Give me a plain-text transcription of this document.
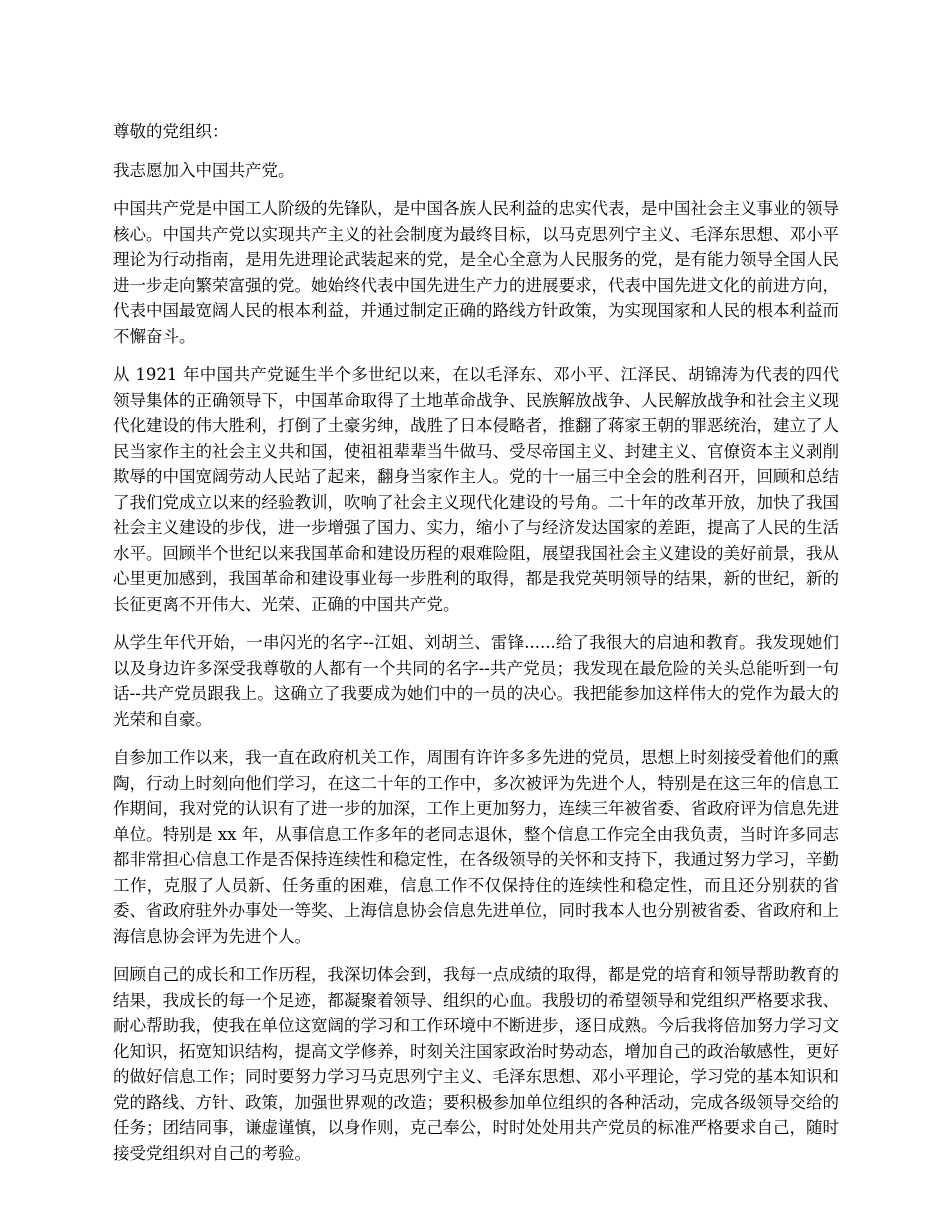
尊敬的党组织：

我志愿加入中国共产党。

中国共产党是中国工人阶级的先锋队，是中国各族人民利益的忠实代表，是中国社会主义事业的领导核心。中国共产党以实现共产主义的社会制度为最终目标，以马克思列宁主义、毛泽东思想、邓小平理论为行动指南，是用先进理论武装起来的党，是全心全意为人民服务的党，是有能力领导全国人民进一步走向繁荣富强的党。她始终代表中国先进生产力的进展要求，代表中国先进文化的前进方向，代表中国最宽阔人民的根本利益，并通过制定正确的路线方针政策，为实现国家和人民的根本利益而不懈奋斗。

从 1921 年中国共产党诞生半个多世纪以来，在以毛泽东、邓小平、江泽民、胡锦涛为代表的四代领导集体的正确领导下，中国革命取得了土地革命战争、民族解放战争、人民解放战争和社会主义现代化建设的伟大胜利，打倒了土豪劣绅，战胜了日本侵略者，推翻了蒋家王朝的罪恶统治，建立了人民当家作主的社会主义共和国，使祖祖辈辈当牛做马、受尽帝国主义、封建主义、官僚资本主义剥削欺辱的中国宽阔劳动人民站了起来，翻身当家作主人。党的十一届三中全会的胜利召开，回顾和总结了我们党成立以来的经验教训，吹响了社会主义现代化建设的号角。二十年的改革开放，加快了我国社会主义建设的步伐，进一步增强了国力、实力，缩小了与经济发达国家的差距，提高了人民的生活水平。回顾半个世纪以来我国革命和建设历程的艰难险阻，展望我国社会主义建设的美好前景，我从心里更加感到，我国革命和建设事业每一步胜利的取得，都是我党英明领导的结果，新的世纪，新的长征更离不开伟大、光荣、正确的中国共产党。

从学生年代开始，一串闪光的名字--江姐、刘胡兰、雷锋......给了我很大的启迪和教育。我发现她们以及身边许多深受我尊敬的人都有一个共同的名字--共产党员；我发现在最危险的关头总能听到一句话--共产党员跟我上。这确立了我要成为她们中的一员的决心。我把能参加这样伟大的党作为最大的光荣和自豪。

自参加工作以来，我一直在政府机关工作，周围有许许多多先进的党员，思想上时刻接受着他们的熏陶，行动上时刻向他们学习，在这二十年的工作中，多次被评为先进个人，特别是在这三年的信息工作期间，我对党的认识有了进一步的加深，工作上更加努力，连续三年被省委、省政府评为信息先进单位。特别是 xx 年，从事信息工作多年的老同志退休，整个信息工作完全由我负责，当时许多同志都非常担心信息工作是否保持连续性和稳定性，在各级领导的关怀和支持下，我通过努力学习，辛勤工作，克服了人员新、任务重的困难，信息工作不仅保持住的连续性和稳定性，而且还分别获的省委、省政府驻外办事处一等奖、上海信息协会信息先进单位，同时我本人也分别被省委、省政府和上海信息协会评为先进个人。

回顾自己的成长和工作历程，我深切体会到，我每一点成绩的取得，都是党的培育和领导帮助教育的结果，我成长的每一个足迹，都凝聚着领导、组织的心血。我殷切的希望领导和党组织严格要求我、耐心帮助我，使我在单位这宽阔的学习和工作环境中不断进步，逐日成熟。今后我将倍加努力学习文化知识，拓宽知识结构，提高文学修养，时刻关注国家政治时势动态，增加自己的政治敏感性，更好的做好信息工作；同时要努力学习马克思列宁主义、毛泽东思想、邓小平理论，学习党的基本知识和党的路线、方针、政策，加强世界观的改造；要积极参加单位组织的各种活动，完成各级领导交给的任务；团结同事，谦虚谨慎，以身作则，克己奉公，时时处处用共产党员的标准严格要求自己，随时接受党组织对自己的考验。
